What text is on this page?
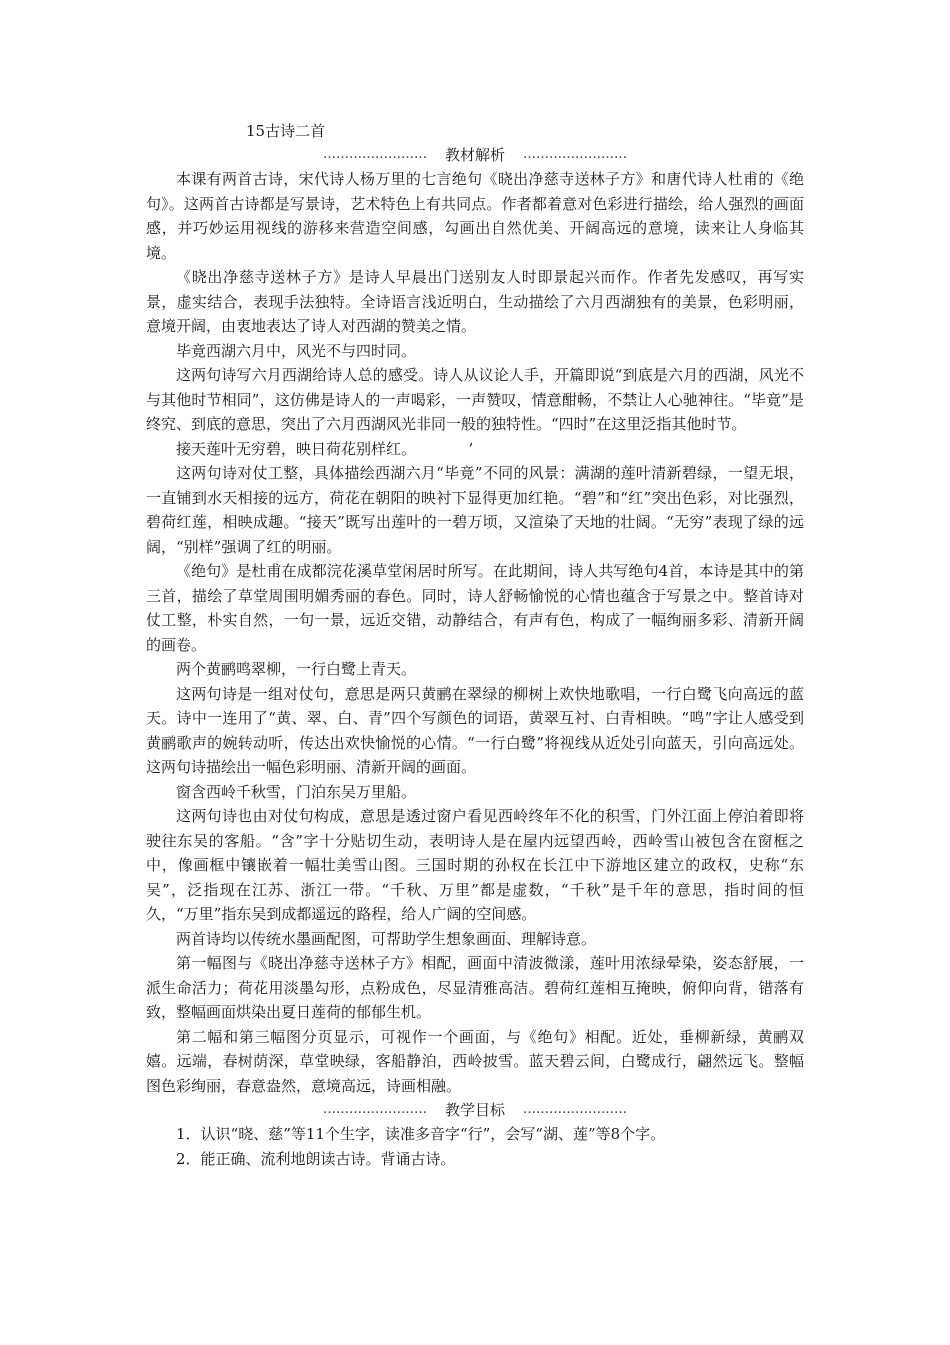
15古诗二首
…………………… 教材解析 ……………………

本课有两首古诗，宋代诗人杨万里的七言绝句《晓出净慈寺送林子方》和唐代诗人杜甫的《绝句》。这两首古诗都是写景诗，艺术特色上有共同点。作者都着意对色彩进行描绘，给人强烈的画面感，并巧妙运用视线的游移来营造空间感，勾画出自然优美、开阔高远的意境，读来让人身临其境。

《晓出净慈寺送林子方》是诗人早晨出门送别友人时即景起兴而作。作者先发感叹，再写实景，虚实结合，表现手法独特。全诗语言浅近明白，生动描绘了六月西湖独有的美景，色彩明丽，意境开阔，由衷地表达了诗人对西湖的赞美之情。

毕竟西湖六月中，风光不与四时同。

这两句诗写六月西湖给诗人总的感受。诗人从议论人手，开篇即说“到底是六月的西湖，风光不与其他时节相同”，这仿佛是诗人的一声喝彩，一声赞叹，情意酣畅，不禁让人心驰神往。“毕竟”是终究、到底的意思，突出了六月西湖风光非同一般的独特性。“四时”在这里泛指其他时节。

接天莲叶无穷碧，映日荷花别样红。	’

这两句诗对仗工整，具体描绘西湖六月“毕竟”不同的风景：满湖的莲叶清新碧绿，一望无垠，一直铺到水天相接的远方，荷花在朝阳的映衬下显得更加红艳。“碧”和“红”突出色彩，对比强烈，碧荷红莲，相映成趣。“接天”既写出莲叶的一碧万顷，又渲染了天地的壮阔。“无穷”表现了绿的远阔，“别样”强调了红的明丽。

《绝句》是杜甫在成都浣花溪草堂闲居时所写。在此期间，诗人共写绝句4首，本诗是其中的第三首，描绘了草堂周围明媚秀丽的春色。同时，诗人舒畅愉悦的心情也蕴含于写景之中。整首诗对仗工整，朴实自然，一句一景，远近交错，动静结合，有声有色，构成了一幅绚丽多彩、清新开阔的画卷。

两个黄鹂鸣翠柳，一行白鹭上青天。

这两句诗是一组对仗句，意思是两只黄鹂在翠绿的柳树上欢快地歌唱，一行白鹭飞向高远的蓝天。诗中一连用了“黄、翠、白、青”四个写颜色的词语，黄翠互衬、白青相映。“鸣”字让人感受到黄鹂歌声的婉转动听，传达出欢快愉悦的心情。“一行白鹭”将视线从近处引向蓝天，引向高远处。这两句诗描绘出一幅色彩明丽、清新开阔的画面。

窗含西岭千秋雪，门泊东吴万里船。

这两句诗也由对仗句构成，意思是透过窗户看见西岭终年不化的积雪，门外江面上停泊着即将驶往东吴的客船。“含”字十分贴切生动，表明诗人是在屋内远望西岭，西岭雪山被包含在窗框之中，像画框中镶嵌着一幅壮美雪山图。三国时期的孙权在长江中下游地区建立的政权，史称“东吴”，泛指现在江苏、浙江一带。“千秋、万里”都是虚数，“千秋”是千年的意思，指时间的恒久，“万里”指东吴到成都遥远的路程，给人广阔的空间感。

两首诗均以传统水墨画配图，可帮助学生想象画面、理解诗意。

第一幅图与《晓出净慈寺送林子方》相配，画面中清波微漾，莲叶用浓绿晕染，姿态舒展，一派生命活力；荷花用淡墨勾形，点粉成色，尽显清雅高洁。碧荷红莲相互掩映，俯仰向背，错落有致，整幅画面烘染出夏日莲荷的郁郁生机。

第二幅和第三幅图分页显示，可视作一个画面，与《绝句》相配。近处，垂柳新绿，黄鹂双嬉。远端，春树荫深，草堂映绿，客船静泊，西岭披雪。蓝天碧云间，白鹭成行，翩然远飞。整幅图色彩绚丽，春意盎然，意境高远，诗画相融。

…………………… 教学目标 ……………………

1．认识“晓、慈”等11个生字，读准多音字“行”，会写“湖、莲”等8个字。

2．能正确、流利地朗读古诗。背诵古诗。
